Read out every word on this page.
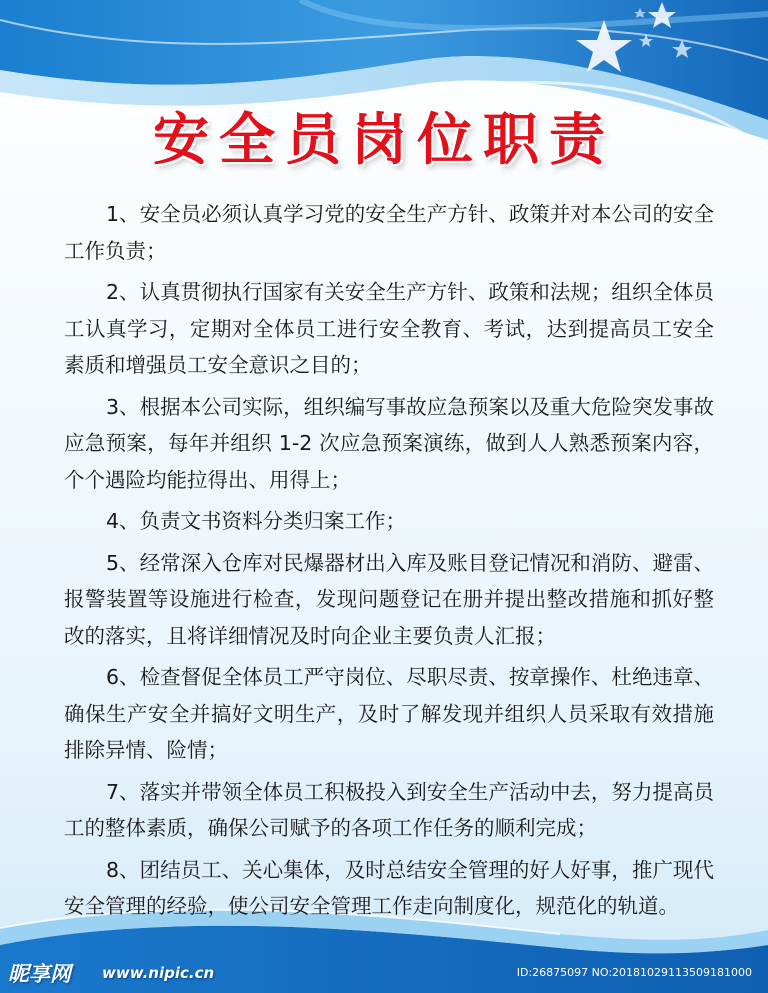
安全员岗位职责

1、安全员必须认真学习党的安全生产方针、政策并对本公司的安全工作负责；

2、认真贯彻执行国家有关安全生产方针、政策和法规；组织全体员工认真学习，定期对全体员工进行安全教育、考试，达到提高员工安全素质和增强员工安全意识之目的；

3、根据本公司实际，组织编写事故应急预案以及重大危险突发事故应急预案，每年并组织 1-2 次应急预案演练，做到人人熟悉预案内容，个个遇险均能拉得出、用得上；

4、负责文书资料分类归案工作；

5、经常深入仓库对民爆器材出入库及账目登记情况和消防、避雷、报警装置等设施进行检查，发现问题登记在册并提出整改措施和抓好整改的落实，且将详细情况及时向企业主要负责人汇报；

6、检查督促全体员工严守岗位、尽职尽责、按章操作、杜绝违章、确保生产安全并搞好文明生产，及时了解发现并组织人员采取有效措施排除异情、险情；

7、落实并带领全体员工积极投入到安全生产活动中去，努力提高员工的整体素质，确保公司赋予的各项工作任务的顺利完成；

8、团结员工、关心集体，及时总结安全管理的好人好事，推广现代安全管理的经验，使公司安全管理工作走向制度化，规范化的轨道。

昵享网 www.nipic.cn	ID:26875097 NO:20181029113509181000
